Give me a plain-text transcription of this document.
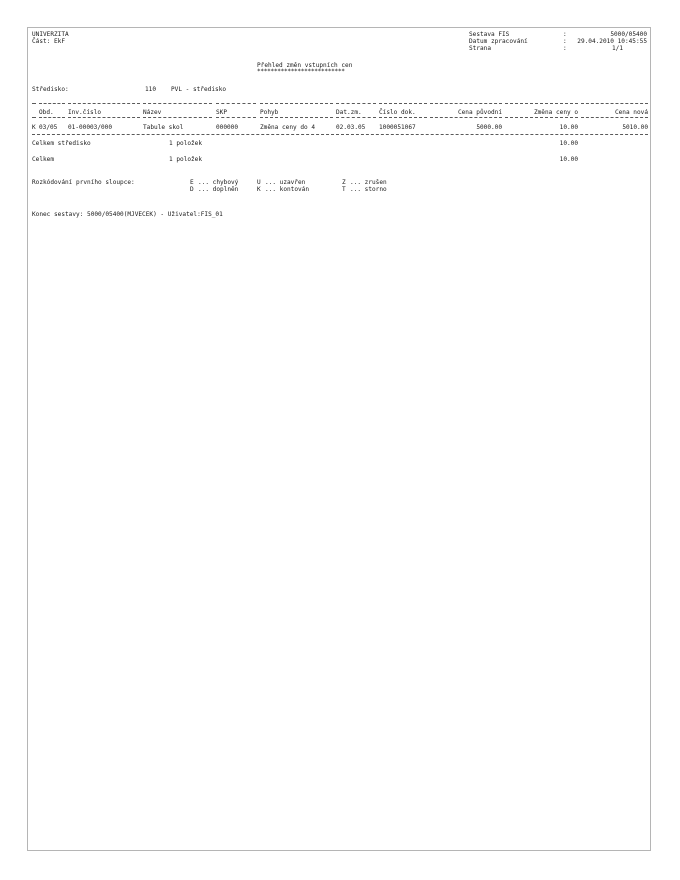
UNIVERZITA
Část: EkF
Sestava FIS	:	5000/05400
Datum zpracování	: 29.04.2010 10:45:55
Strana	:	1/1
Přehled změn vstupních cen
**************************
Středisko:	110 PVL - středisko
Obd. Inv.číslo	Název	SKP	Pohyb	Dat.zm.	Číslo dok.	Cena původní	Změna ceny o	Cena nová
K 03/05 01-00003/000	Tabule skol	000000	Změna ceny do 4	02.03.05 1000051067	5000.00	10.00	5010.00
Celkem středisko	1 položek	10.00
Celkem	1 položek	10.00
Rozkódování prvního sloupce:	E ... chybový	U ... uzavřen	Z ... zrušen
D ... doplněn	K ... kontován	T ... storno
Konec sestavy: 5000/05400(MJVECEK) - Uživatel:FIS_01
